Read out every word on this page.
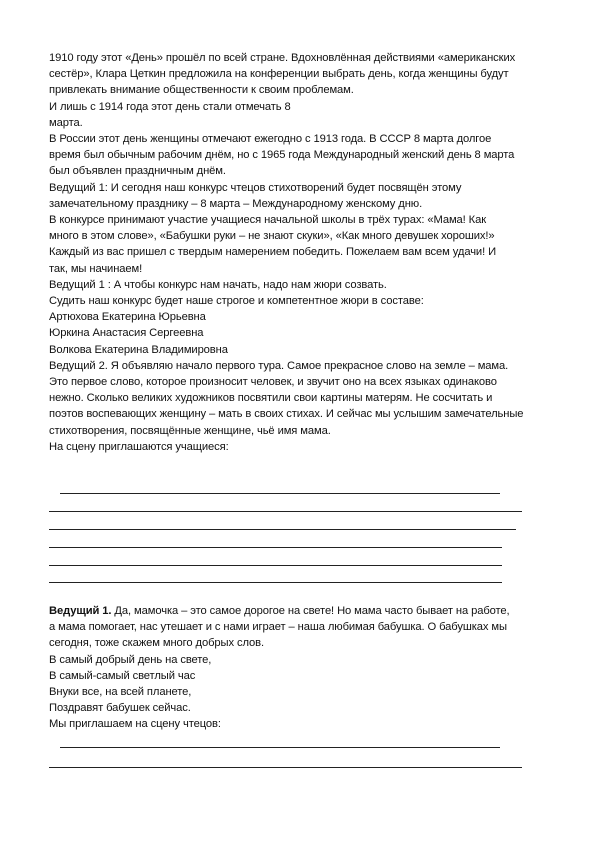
1910 году этот «День» прошёл по всей стране. Вдохновлённая действиями «американских
сестёр», Клара Цеткин предложила на конференции выбрать день, когда женщины будут
привлекать внимание общественности к своим проблемам.
И лишь с 1914 года этот день стали отмечать 8
марта.
В России этот день женщины отмечают ежегодно с 1913 года. В СССР 8 марта долгое
время был обычным рабочим днём, но с 1965 года Международный женский день 8 марта
был объявлен праздничным днём.
Ведущий 1: И сегодня наш конкурс чтецов стихотворений будет посвящён этому
замечательному празднику – 8 марта – Международному женскому дню.
В конкурсе принимают участие учащиеся начальной школы в трёх турах: «Мама! Как
много в этом слове», «Бабушки руки – не знают скуки», «Как много девушек хороших!»
Каждый из вас пришел с твердым намерением победить. Пожелаем вам всем удачи! И
так, мы начинаем!
Ведущий 1 : А чтобы конкурс нам начать, надо нам жюри созвать.
Судить наш конкурс будет наше строгое и компетентное жюри в составе:
Артюхова Екатерина Юрьевна
Юркина Анастасия Сергеевна
Волкова Екатерина Владимировна
Ведущий 2. Я объявляю начало первого тура. Самое прекрасное слово на земле – мама.
Это первое слово, которое произносит человек, и звучит оно на всех языках одинаково
нежно. Сколько великих художников посвятили свои картины матерям. Не сосчитать и
поэтов воспевающих женщину – мать в своих стихах. И сейчас мы услышим замечательные
стихотворения, посвящённые женщине, чьё имя мама.
На сцену приглашаются учащиеся:
Ведущий 1. Да, мамочка – это самое дорогое на свете! Но мама часто бывает на работе,
а мама помогает, нас утешает и с нами играет – наша любимая бабушка. О бабушках мы
сегодня, тоже скажем много добрых слов.
В самый добрый день на свете,
В самый-самый светлый час
Внуки все, на всей планете,
Поздравят бабушек сейчас.
Мы приглашаем на сцену чтецов:
